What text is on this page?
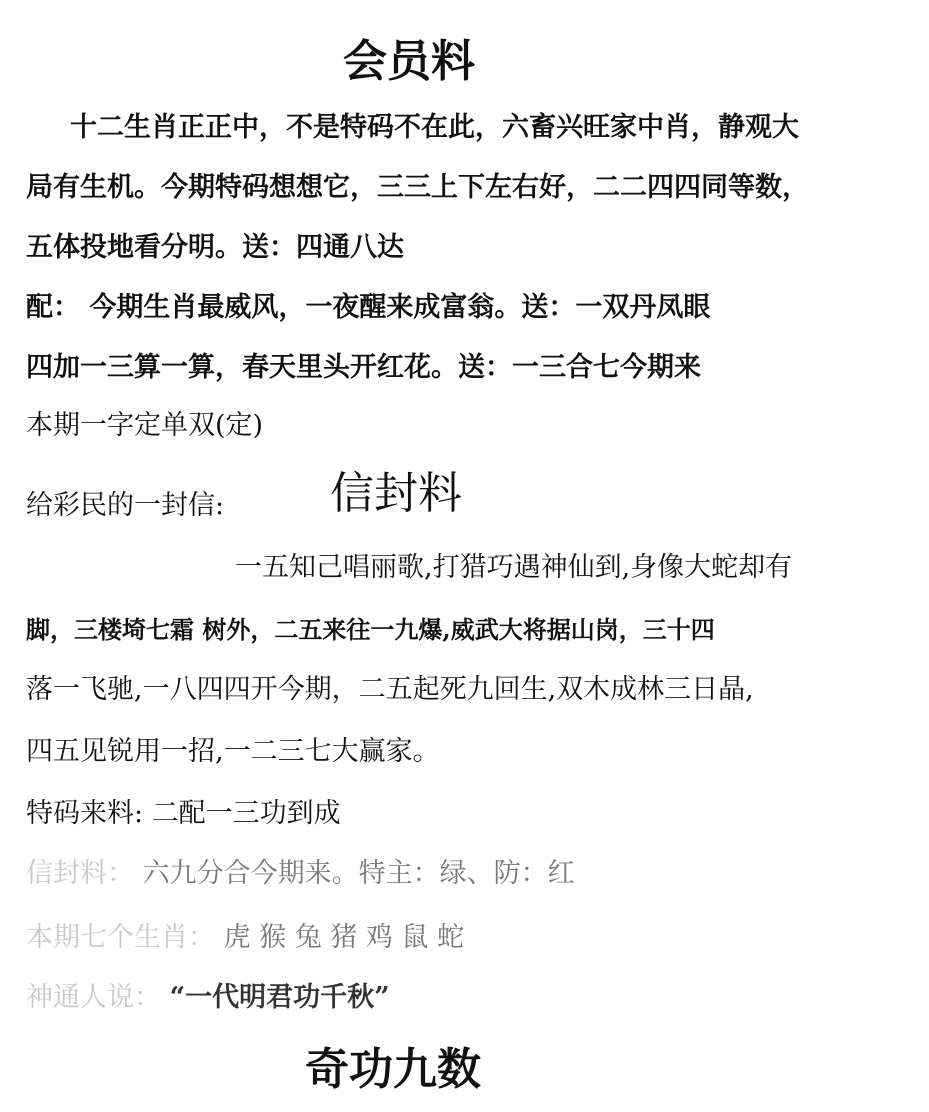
会员料
十二生肖正正中，不是特码不在此，六畜兴旺家中肖，静观大
局有生机。今期特码想想它，三三上下左右好，二二四四同等数，
五体投地看分明。送：四通八达
配： 今期生肖最威风，一夜醒来成富翁。送：一双丹凤眼
四加一三算一算，春天里头开红花。送：一三合七今期来
本期一字定单双(定)
给彩民的一封信: 信封料
一五知己唱丽歌,打猎巧遇神仙到,身像大蛇却有
脚，三楼埼七霜 树外，二五来往一九爆,威武大将据山岗，三十四
落一飞驰,一八四四开今期，二五起死九回生,双木成林三日晶,
四五见锐用一招,一二三七大赢家。
特码来料: 二配一三功到成
信封料： 六九分合今期来。特主：绿、防：红
本期七个生肖： 虎 猴 兔 猪 鸡 鼠 蛇
神通人说： “一代明君功千秋”
奇功九数
